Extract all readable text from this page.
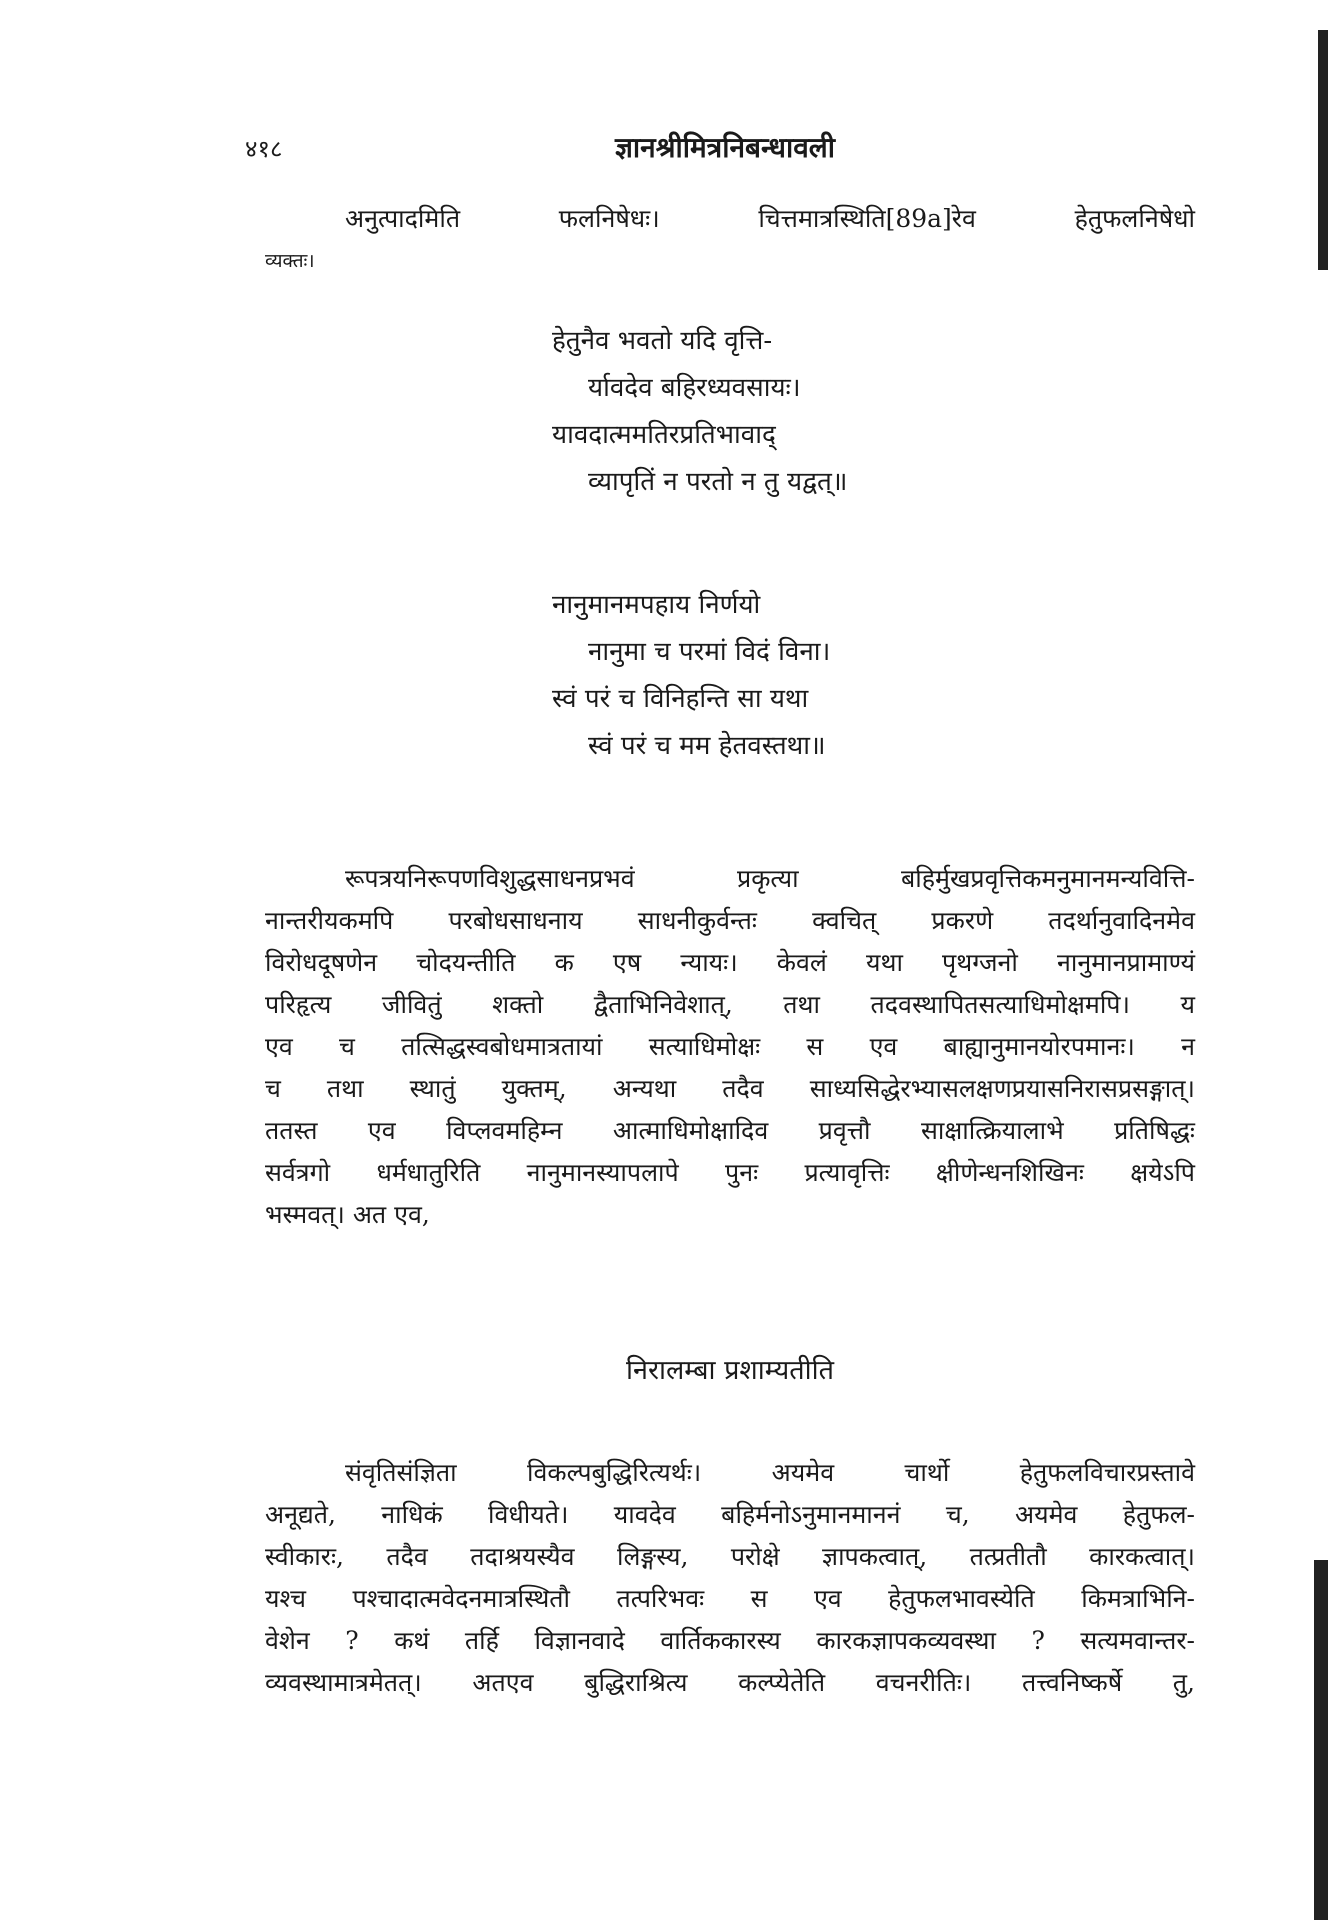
४१८	ज्ञानश्रीमित्रनिबन्धावली
अनुत्पादमिति फलनिषेधः। चित्तमात्रस्थिति[89a]रेव हेतुफलनिषेधो
व्यक्तः।
हेतुनैव भवतो यदि वृत्ति-
र्यावदेव बहिरध्यवसायः।
यावदात्ममतिरप्रतिभावाद्
व्यापृतिं न परतो न तु यद्वत्॥
नानुमानमपहाय निर्णयो
नानुमा च परमां विदं विना।
स्वं परं च विनिहन्ति सा यथा
स्वं परं च मम हेतवस्तथा॥
रूपत्रयनिरूपणविशुद्धसाधनप्रभवं प्रकृत्या बहिर्मुखप्रवृत्तिकमनुमानमन्यवित्ति-
नान्तरीयकमपि परबोधसाधनाय साधनीकुर्वन्तः क्वचित् प्रकरणे तदर्थानुवादिनमेव
विरोधदूषणेन चोदयन्तीति क एष न्यायः। केवलं यथा पृथग्जनो नानुमानप्रामाण्यं
परिहृत्य जीवितुं शक्तो द्वैताभिनिवेशात्, तथा तदवस्थापितसत्याधिमोक्षमपि। य
एव च तत्सिद्धस्वबोधमात्रतायां सत्याधिमोक्षः स एव बाह्यानुमानयोरपमानः। न
च तथा स्थातुं युक्तम्, अन्यथा तदैव साध्यसिद्धेरभ्यासलक्षणप्रयासनिरासप्रसङ्गात्।
ततस्त एव विप्लवमहिम्न आत्माधिमोक्षादिव प्रवृत्तौ साक्षात्क्रियालाभे प्रतिषिद्धः
सर्वत्रगो धर्मधातुरिति नानुमानस्यापलापे पुनः प्रत्यावृत्तिः क्षीणेन्धनशिखिनः क्षयेऽपि
भस्मवत्। अत एव,
निरालम्बा प्रशाम्यतीति
संवृतिसंज्ञिता विकल्पबुद्धिरित्यर्थः। अयमेव चार्थो हेतुफलविचारप्रस्तावे
अनूद्यते, नाधिकं विधीयते। यावदेव बहिर्मनोऽनुमानमाननं च, अयमेव हेतुफल-
स्वीकारः, तदैव तदाश्रयस्यैव लिङ्गस्य, परोक्षे ज्ञापकत्वात्, तत्प्रतीतौ कारकत्वात्।
यश्च पश्चादात्मवेदनमात्रस्थितौ तत्परिभवः स एव हेतुफलभावस्येति किमत्राभिनि-
वेशेन ? कथं तर्हि विज्ञानवादे वार्तिककारस्य कारकज्ञापकव्यवस्था ? सत्यमवान्तर-
व्यवस्थामात्रमेतत्। अतएव बुद्धिराश्रित्य कल्प्येतेति वचनरीतिः। तत्त्वनिष्कर्षे तु,
